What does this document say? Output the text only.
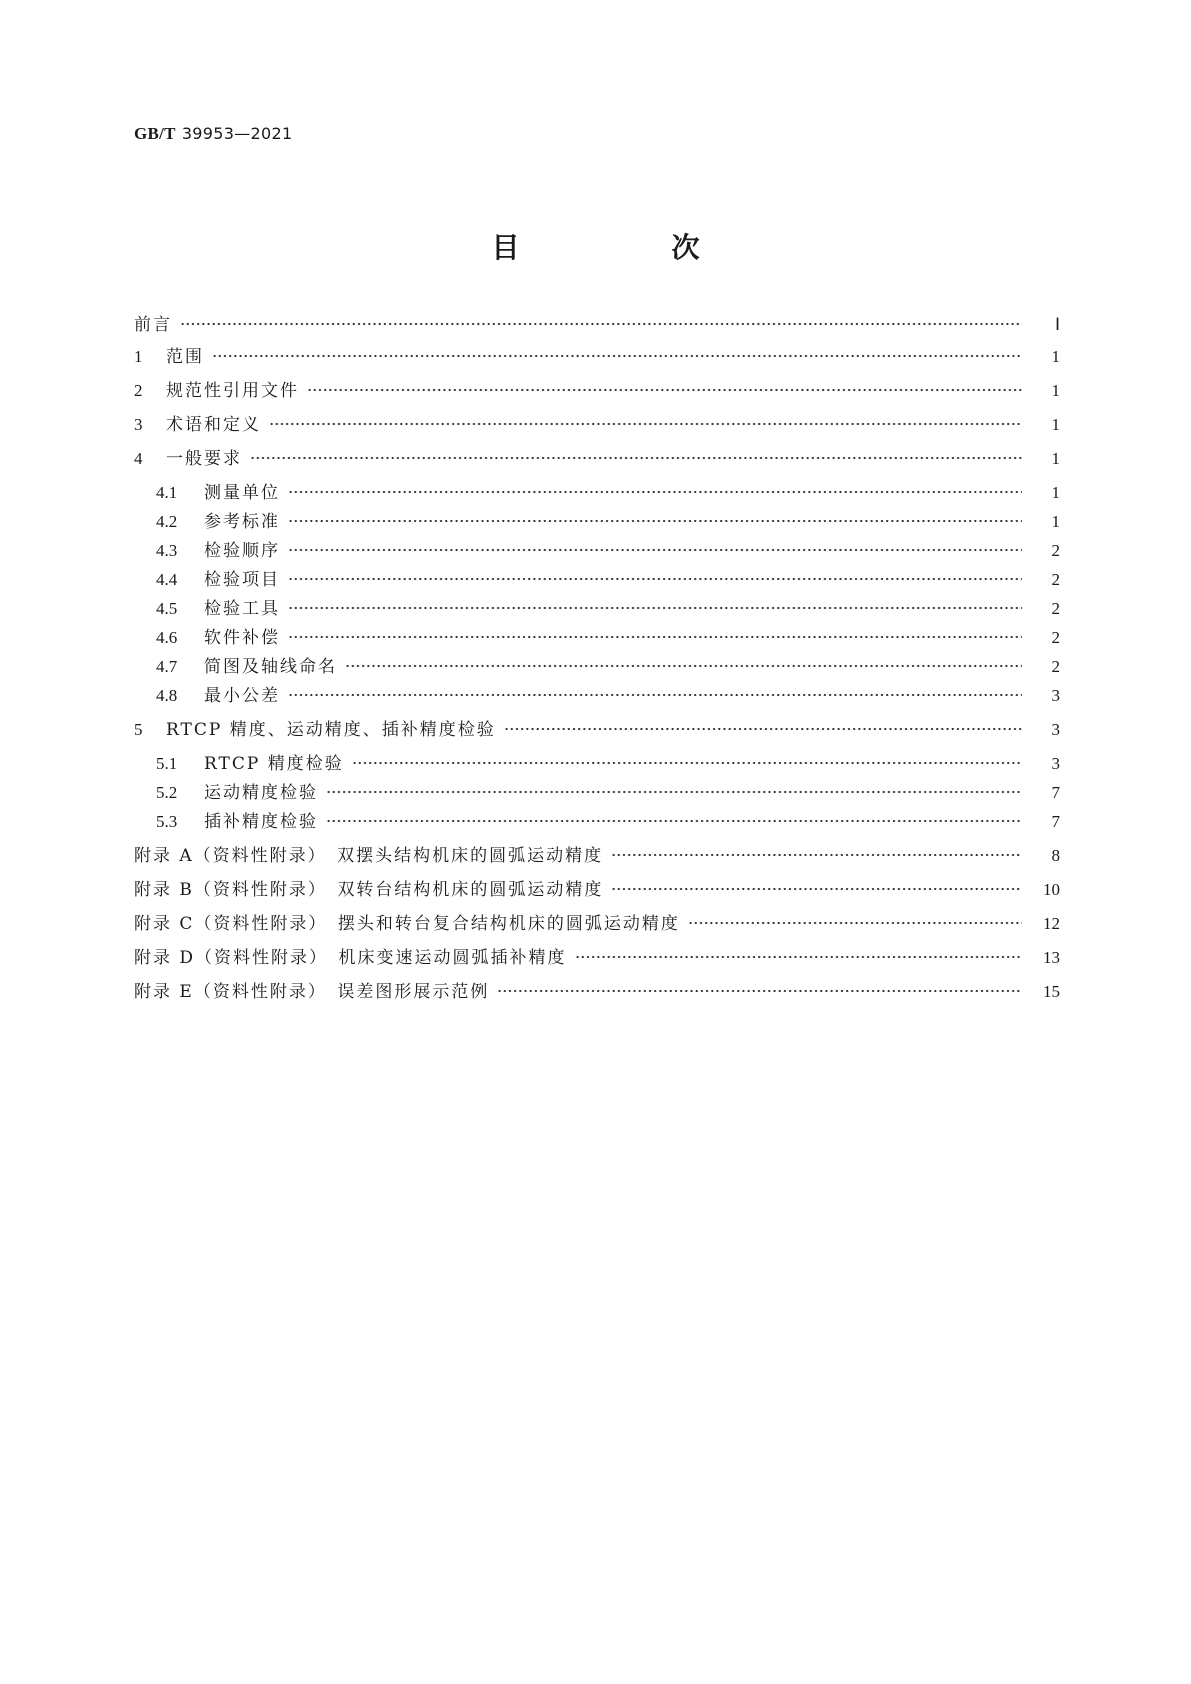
GB/T 39953—2021
目　次
前言	Ⅰ
1	范围	1
2	规范性引用文件	1
3	术语和定义	1
4	一般要求	1
4.1	测量单位	1
4.2	参考标准	1
4.3	检验顺序	2
4.4	检验项目	2
4.5	检验工具	2
4.6	软件补偿	2
4.7	简图及轴线命名	2
4.8	最小公差	3
5	RTCP 精度、运动精度、插补精度检验	3
5.1	RTCP 精度检验	3
5.2	运动精度检验	7
5.3	插补精度检验	7
附录 A（资料性附录）　双摆头结构机床的圆弧运动精度	8
附录 B（资料性附录）　双转台结构机床的圆弧运动精度	10
附录 C（资料性附录）　摆头和转台复合结构机床的圆弧运动精度	12
附录 D（资料性附录）　机床变速运动圆弧插补精度	13
附录 E（资料性附录）　误差图形展示范例	15
